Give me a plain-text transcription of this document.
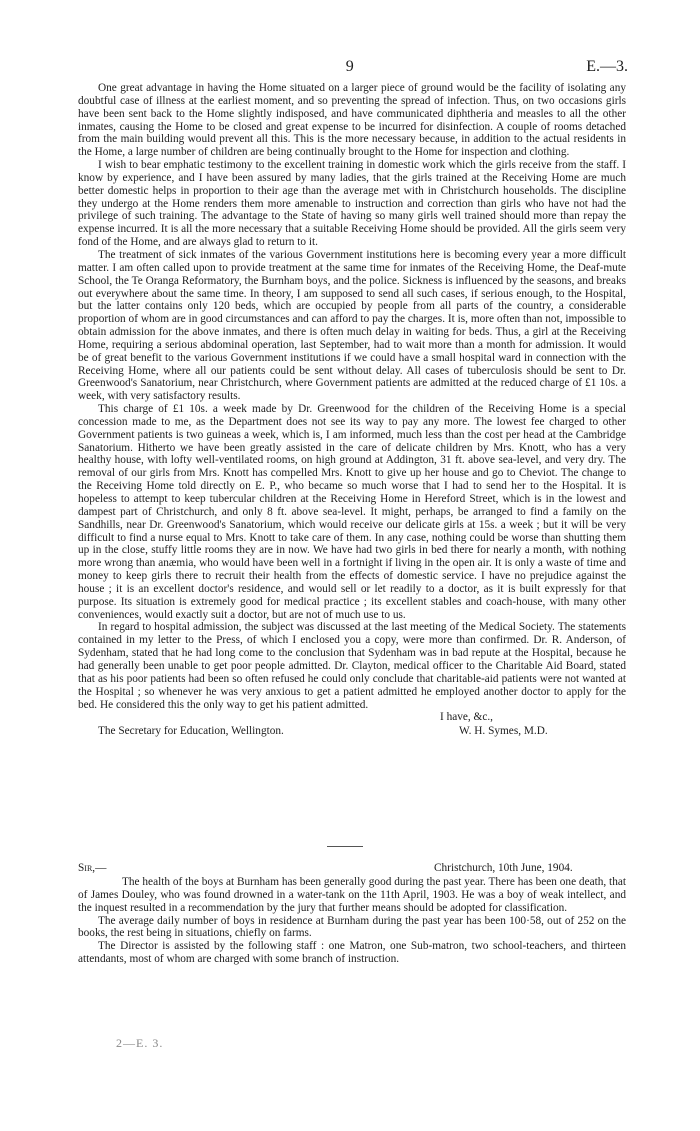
9	E.—3.

One great advantage in having the Home situated on a larger piece of ground would be the facility of isolating any doubtful case of illness at the earliest moment, and so preventing the spread of infection. Thus, on two occasions girls have been sent back to the Home slightly indisposed, and have communicated diphtheria and measles to all the other inmates, causing the Home to be closed and great expense to be incurred for disinfection. A couple of rooms detached from the main building would prevent all this. This is the more necessary because, in addition to the actual residents in the Home, a large number of children are being continually brought to the Home for inspection and clothing.

I wish to bear emphatic testimony to the excellent training in domestic work which the girls receive from the staff. I know by experience, and I have been assured by many ladies, that the girls trained at the Receiving Home are much better domestic helps in proportion to their age than the average met with in Christchurch households. The discipline they undergo at the Home renders them more amenable to instruction and correction than girls who have not had the privilege of such training. The advantage to the State of having so many girls well trained should more than repay the expense incurred. It is all the more necessary that a suitable Receiving Home should be provided. All the girls seem very fond of the Home, and are always glad to return to it.

The treatment of sick inmates of the various Government institutions here is becoming every year a more difficult matter. I am often called upon to provide treatment at the same time for inmates of the Receiving Home, the Deaf-mute School, the Te Oranga Reformatory, the Burnham boys, and the police. Sickness is influenced by the seasons, and breaks out everywhere about the same time. In theory, I am supposed to send all such cases, if serious enough, to the Hospital, but the latter contains only 120 beds, which are occupied by people from all parts of the country, a considerable proportion of whom are in good circumstances and can afford to pay the charges. It is, more often than not, impossible to obtain admission for the above inmates, and there is often much delay in waiting for beds. Thus, a girl at the Receiving Home, requiring a serious abdominal operation, last September, had to wait more than a month for admission. It would be of great benefit to the various Government institutions if we could have a small hospital ward in connection with the Receiving Home, where all our patients could be sent without delay. All cases of tuberculosis should be sent to Dr. Greenwood's Sanatorium, near Christchurch, where Government patients are admitted at the reduced charge of £1 10s. a week, with very satisfactory results.

This charge of £1 10s. a week made by Dr. Greenwood for the children of the Receiving Home is a special concession made to me, as the Department does not see its way to pay any more. The lowest fee charged to other Government patients is two guineas a week, which is, I am informed, much less than the cost per head at the Cambridge Sanatorium. Hitherto we have been greatly assisted in the care of delicate children by Mrs. Knott, who has a very healthy house, with lofty well-ventilated rooms, on high ground at Addington, 31 ft. above sea-level, and very dry. The removal of our girls from Mrs. Knott has compelled Mrs. Knott to give up her house and go to Cheviot. The change to the Receiving Home told directly on E. P., who became so much worse that I had to send her to the Hospital. It is hopeless to attempt to keep tubercular children at the Receiving Home in Hereford Street, which is in the lowest and dampest part of Christchurch, and only 8 ft. above sea-level. It might, perhaps, be arranged to find a family on the Sandhills, near Dr. Greenwood's Sanatorium, which would receive our delicate girls at 15s. a week ; but it will be very difficult to find a nurse equal to Mrs. Knott to take care of them. In any case, nothing could be worse than shutting them up in the close, stuffy little rooms they are in now. We have had two girls in bed there for nearly a month, with nothing more wrong than anæmia, who would have been well in a fortnight if living in the open air. It is only a waste of time and money to keep girls there to recruit their health from the effects of domestic service. I have no prejudice against the house ; it is an excellent doctor's residence, and would sell or let readily to a doctor, as it is built expressly for that purpose. Its situation is extremely good for medical practice ; its excellent stables and coach-house, with many other conveniences, would exactly suit a doctor, but are not of much use to us.

In regard to hospital admission, the subject was discussed at the last meeting of the Medical Society. The statements contained in my letter to the Press, of which I enclosed you a copy, were more than confirmed. Dr. R. Anderson, of Sydenham, stated that he had long come to the conclusion that Sydenham was in bad repute at the Hospital, because he had generally been unable to get poor people admitted. Dr. Clayton, medical officer to the Charitable Aid Board, stated that as his poor patients had been so often refused he could only conclude that charitable-aid patients were not wanted at the Hospital ; so whenever he was very anxious to get a patient admitted he employed another doctor to apply for the bed. He considered this the only way to get his patient admitted.

I have, &c.,
The Secretary for Education, Wellington.	W. H. Symes, M.D.
Sir,—	Christchurch, 10th June, 1904.

The health of the boys at Burnham has been generally good during the past year. There has been one death, that of James Douley, who was found drowned in a water-tank on the 11th April, 1903. He was a boy of weak intellect, and the inquest resulted in a recommendation by the jury that further means should be adopted for classification.

The average daily number of boys in residence at Burnham during the past year has been 100·58, out of 252 on the books, the rest being in situations, chiefly on farms.

The Director is assisted by the following staff : one Matron, one Sub-matron, two school-teachers, and thirteen attendants, most of whom are charged with some branch of instruction.

2—E. 3.
